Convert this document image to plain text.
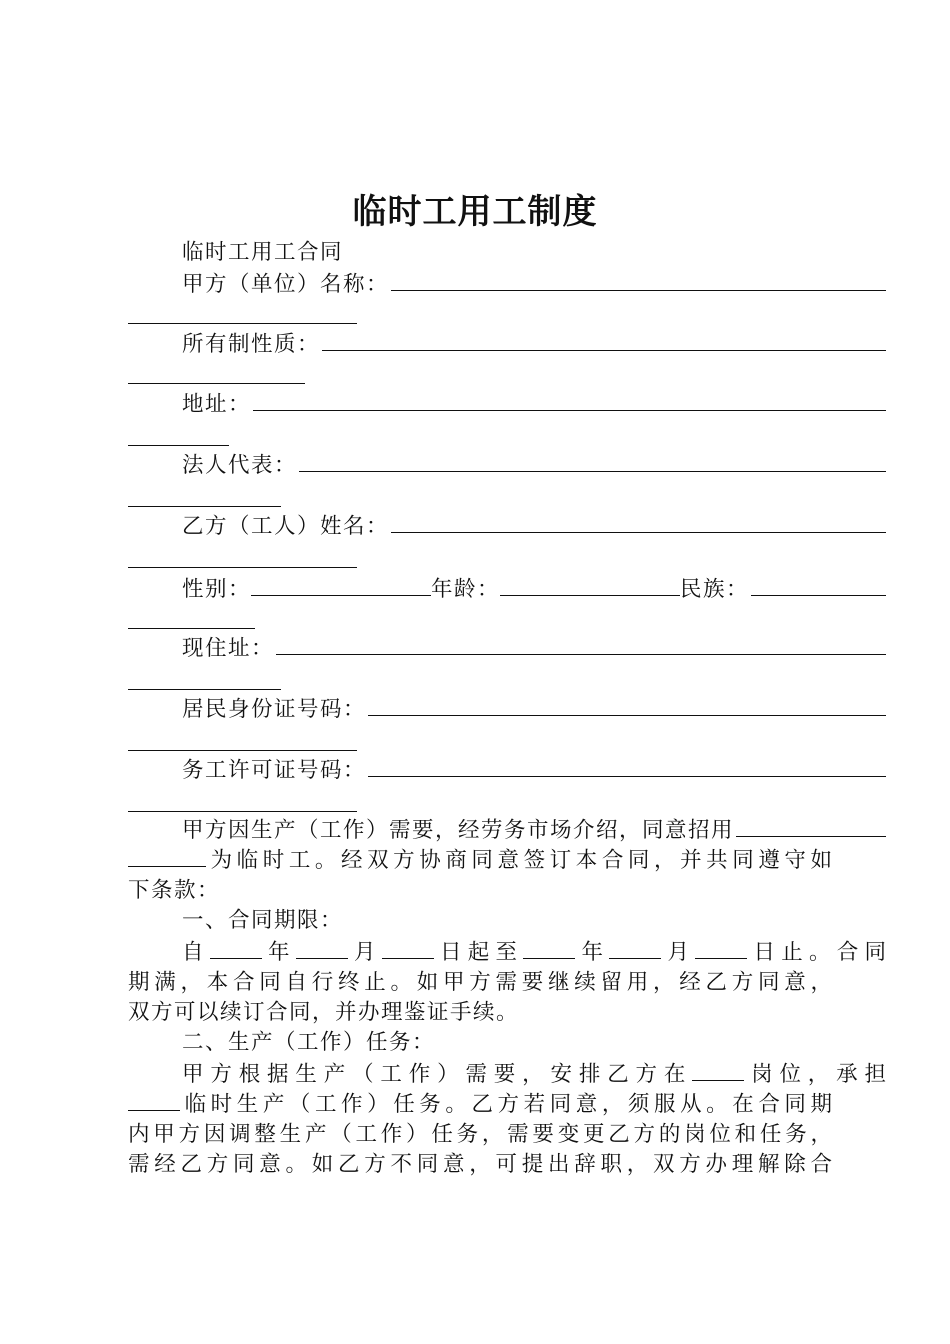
临时工用工制度
临时工用工合同
甲方（单位）名称：
所有制性质：
地址：
法人代表：
乙方（工人）姓名：
性别：	年龄：	民族：
现住址：
居民身份证号码：
务工许可证号码：
甲方因生产（工作）需要，经劳务市场介绍，同意招用
为临时工。经双方协商同意签订本合同，并共同遵守如
下条款：
一、合同期限：
自 年 月 日起至 年 月 日止。合同
期满，本合同自行终止。如甲方需要继续留用，经乙方同意，
双方可以续订合同，并办理鉴证手续。
二、生产（工作）任务：
甲方根据生产（工作）需要，安排乙方在 岗位，承担
临时生产（工作）任务。乙方若同意，须服从。在合同期
内甲方因调整生产（工作）任务，需要变更乙方的岗位和任务，
需经乙方同意。如乙方不同意，可提出辞职，双方办理解除合
